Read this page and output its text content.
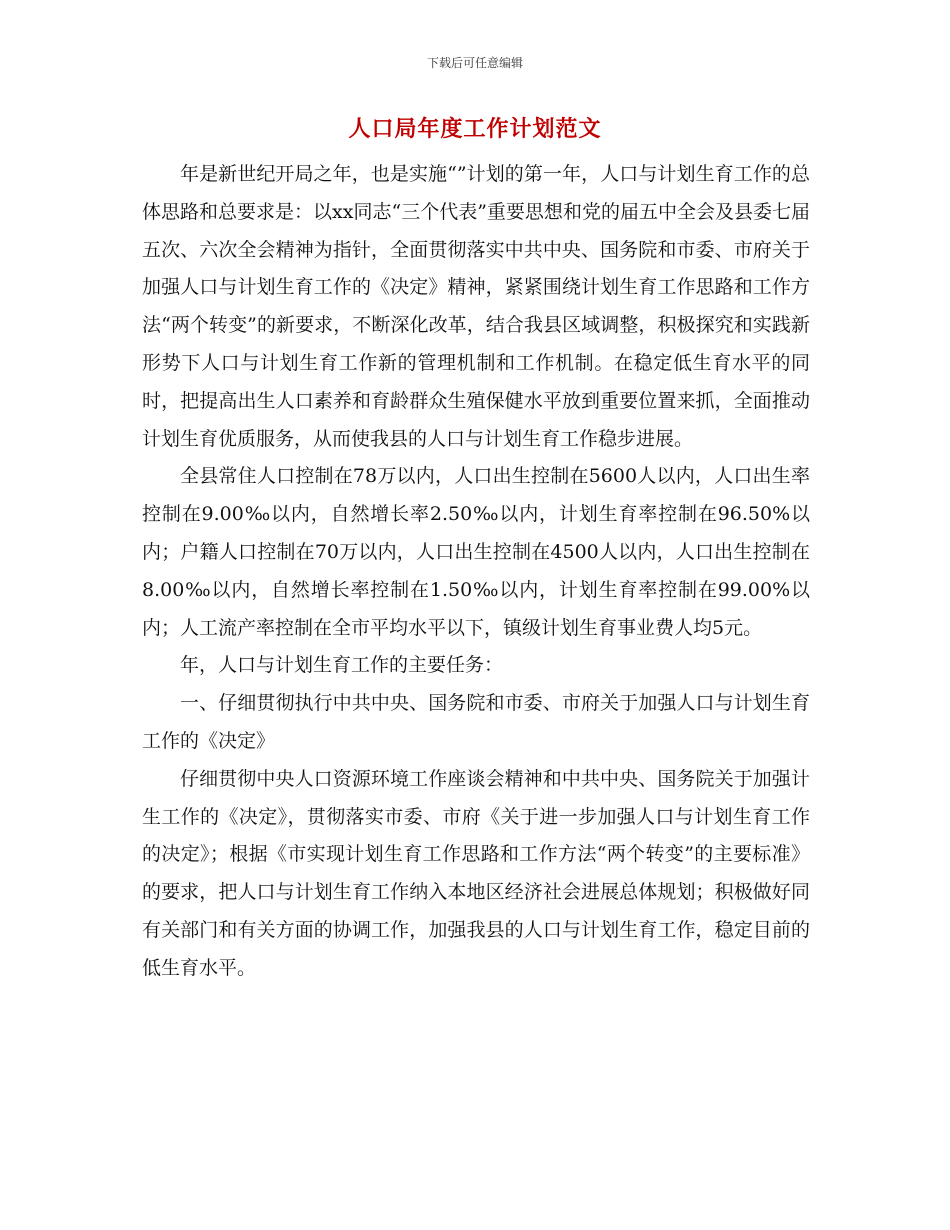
下载后可任意编辑
人口局年度工作计划范文

年是新世纪开局之年，也是实施“”计划的第一年，人口与计划生育工作的总体思路和总要求是：以xx同志“三个代表”重要思想和党的届五中全会及县委七届五次、六次全会精神为指针，全面贯彻落实中共中央、国务院和市委、市府关于加强人口与计划生育工作的《决定》精神，紧紧围绕计划生育工作思路和工作方法“两个转变”的新要求，不断深化改革，结合我县区域调整，积极探究和实践新形势下人口与计划生育工作新的管理机制和工作机制。在稳定低生育水平的同时，把提高出生人口素养和育龄群众生殖保健水平放到重要位置来抓，全面推动计划生育优质服务，从而使我县的人口与计划生育工作稳步进展。

全县常住人口控制在78万以内，人口出生控制在5600人以内，人口出生率控制在9.00‰以内，自然增长率2.50‰以内，计划生育率控制在96.50%以内；户籍人口控制在70万以内，人口出生控制在4500人以内，人口出生控制在8.00‰以内，自然增长率控制在1.50‰以内，计划生育率控制在99.00%以内；人工流产率控制在全市平均水平以下，镇级计划生育事业费人均5元。

年，人口与计划生育工作的主要任务：

一、仔细贯彻执行中共中央、国务院和市委、市府关于加强人口与计划生育工作的《决定》

仔细贯彻中央人口资源环境工作座谈会精神和中共中央、国务院关于加强计生工作的《决定》，贯彻落实市委、市府《关于进一步加强人口与计划生育工作的决定》；根据《市实现计划生育工作思路和工作方法“两个转变”的主要标准》的要求，把人口与计划生育工作纳入本地区经济社会进展总体规划；积极做好同有关部门和有关方面的协调工作，加强我县的人口与计划生育工作，稳定目前的低生育水平。
